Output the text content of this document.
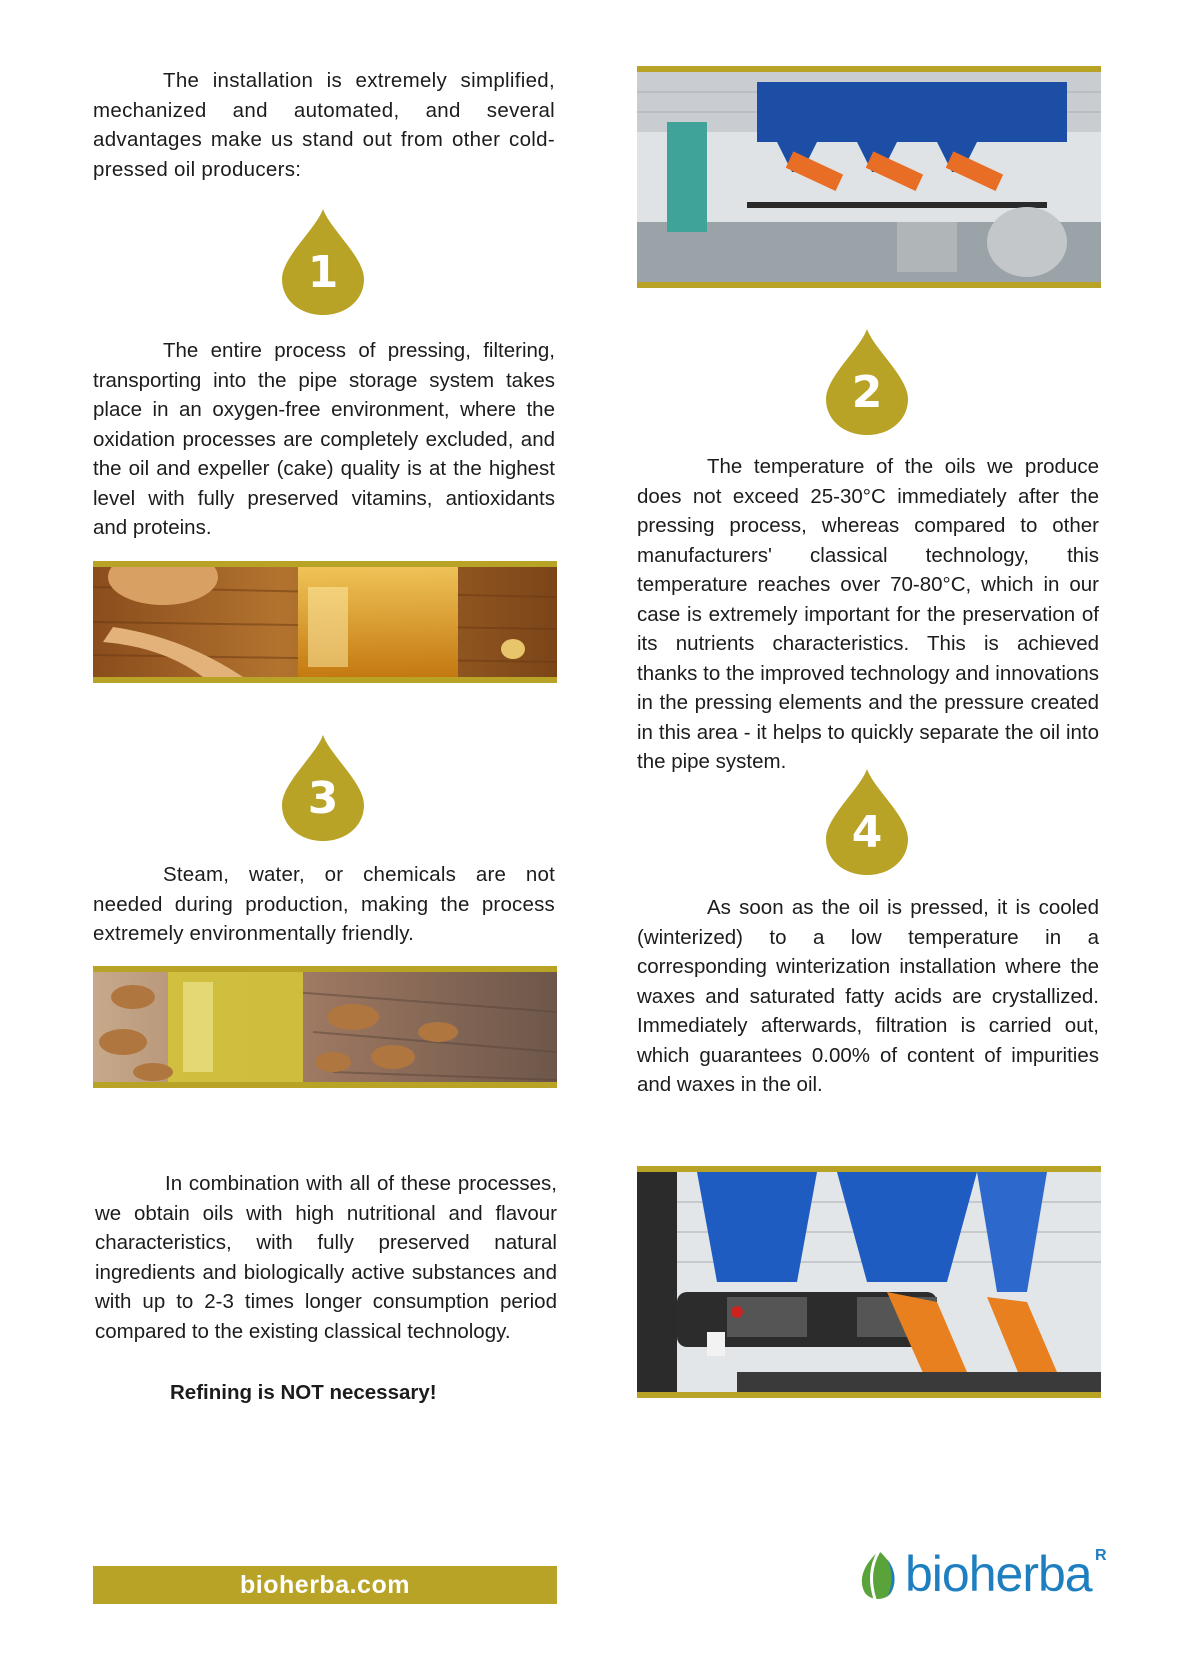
The installation is extremely simplified, mechanized and automated, and several advantages make us stand out from other cold-pressed oil producers:

1

The entire process of pressing, filtering, transporting into the pipe storage system takes place in an oxygen-free environment, where the oxidation processes are completely excluded, and the oil and expeller (cake) quality is at the highest level with fully preserved vitamins, antioxidants and proteins.

3

Steam, water, or chemicals are not needed during production, making the process extremely environmentally friendly.

In combination with all of these processes, we obtain oils with high nutritional and flavour characteristics, with fully preserved natural ingredients and biologically active substances and with up to 2-3 times longer consumption period compared to the existing classical technology.

Refining is NOT necessary!
2

The temperature of the oils we produce does not exceed 25-30°C immediately after the pressing process, whereas compared to other manufacturers' classical technology, this temperature reaches over 70-80°C, which in our case is extremely important for the preservation of its nutrients characteristics. This is achieved thanks to the improved technology and innovations in the pressing elements and the pressure created in this area - it helps to quickly separate the oil into the pipe system.

4

As soon as the oil is pressed, it is cooled (winterized) to a low temperature in a corresponding winterization installation where the waxes and saturated fatty acids are crystallized. Immediately afterwards, filtration is carried out, which guarantees 0.00% of content of impurities and waxes in the oil.

bioherba.com	bioherba R
